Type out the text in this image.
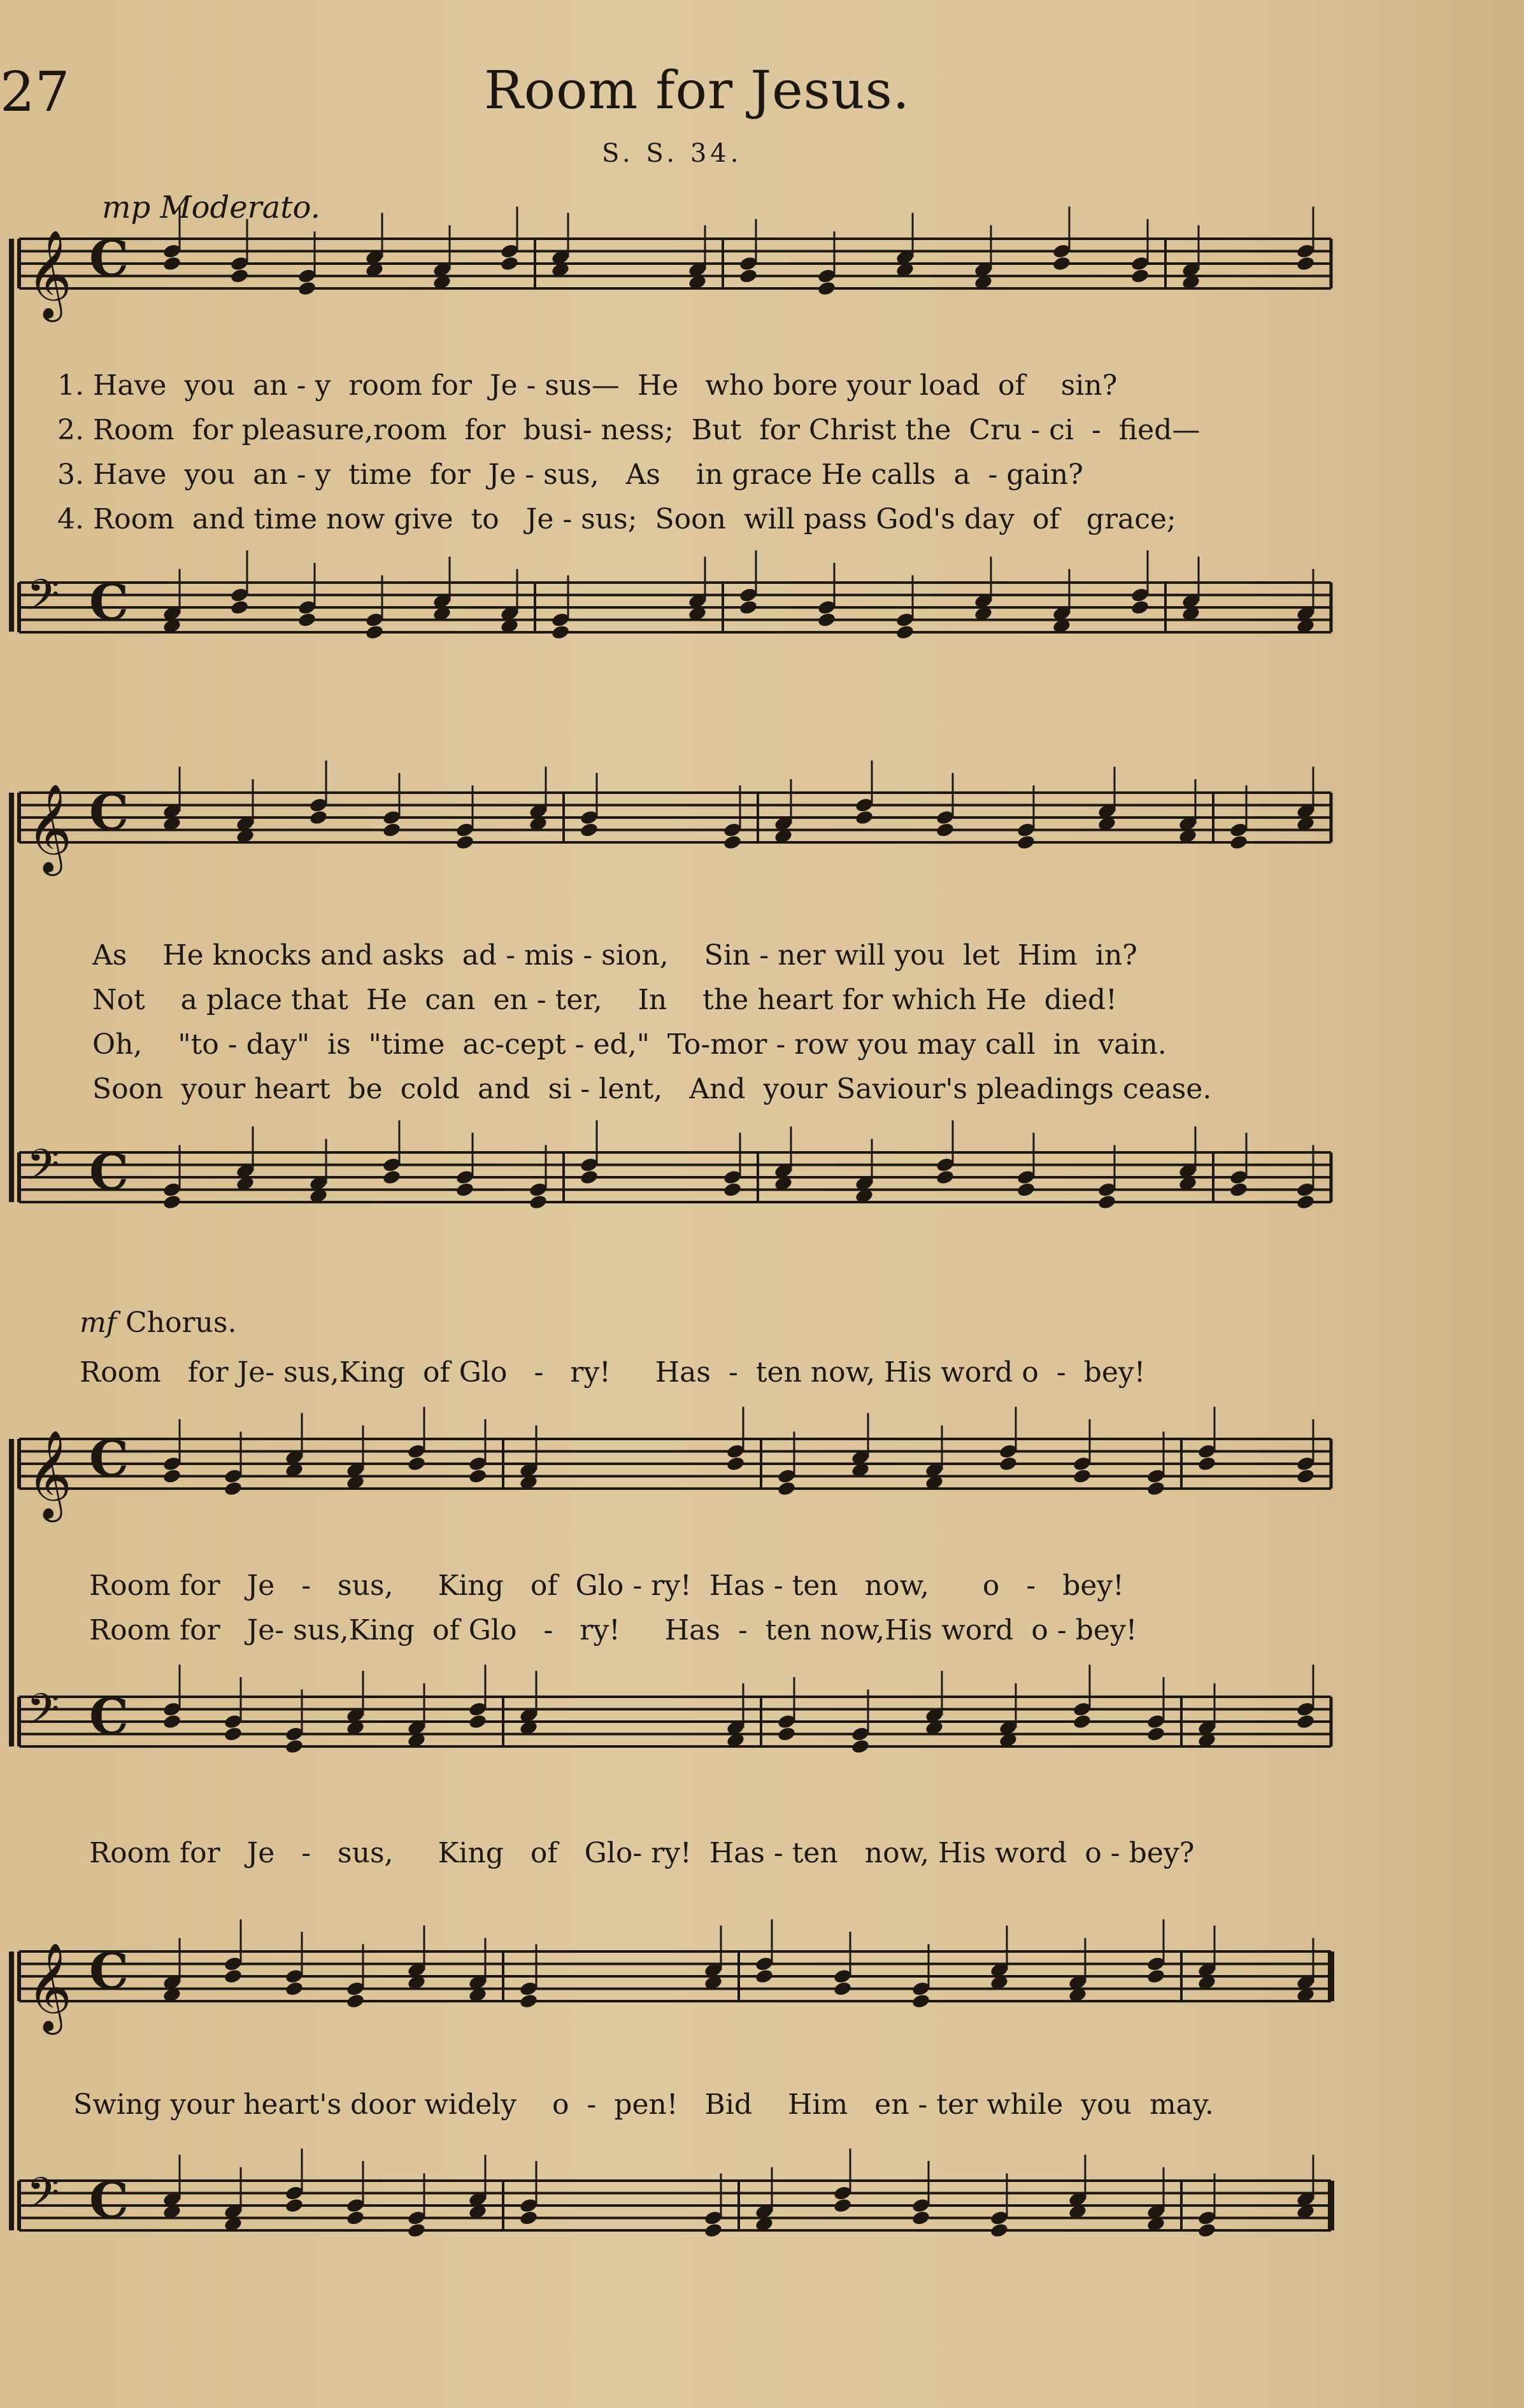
27	Room for Jesus.
S. S. 34.
mp Moderato.
𝄞 C
𝄢 C
𝄞 C
𝄢 C
𝄞 C
𝄢 C
𝄞 C
𝄢 C
1. Have  you  an - y  room for  Je - sus—  He   who bore your load  of    sin?
2. Room  for pleasure,room  for  busi- ness;  But  for Christ the  Cru - ci  -  fied—
3. Have  you  an - y  time  for  Je - sus,   As    in grace He calls  a  - gain?
4. Room  and time now give  to   Je - sus;  Soon  will pass God's day  of   grace;
As    He knocks and asks  ad - mis - sion,    Sin - ner will you  let  Him  in?
Not    a place that  He  can  en - ter,    In    the heart for which He  died!
Oh,    "to - day"  is  "time  ac-cept - ed,"  To-mor - row you may call  in  vain.
Soon  your heart  be  cold  and  si - lent,   And  your Saviour's pleadings cease.
mf Chorus.
Room   for Je- sus,King  of Glo   -   ry!     Has  -  ten now, His word o  -  bey!
Room for   Je   -   sus,     King   of  Glo - ry!  Has - ten   now,      o   -   bey!
Room for   Je- sus,King  of Glo   -   ry!     Has  -  ten now,His word  o - bey!
Room for   Je   -   sus,     King   of   Glo- ry!  Has - ten   now, His word  o - bey?
Swing your heart's door widely    o  -  pen!   Bid    Him   en - ter while  you  may.
